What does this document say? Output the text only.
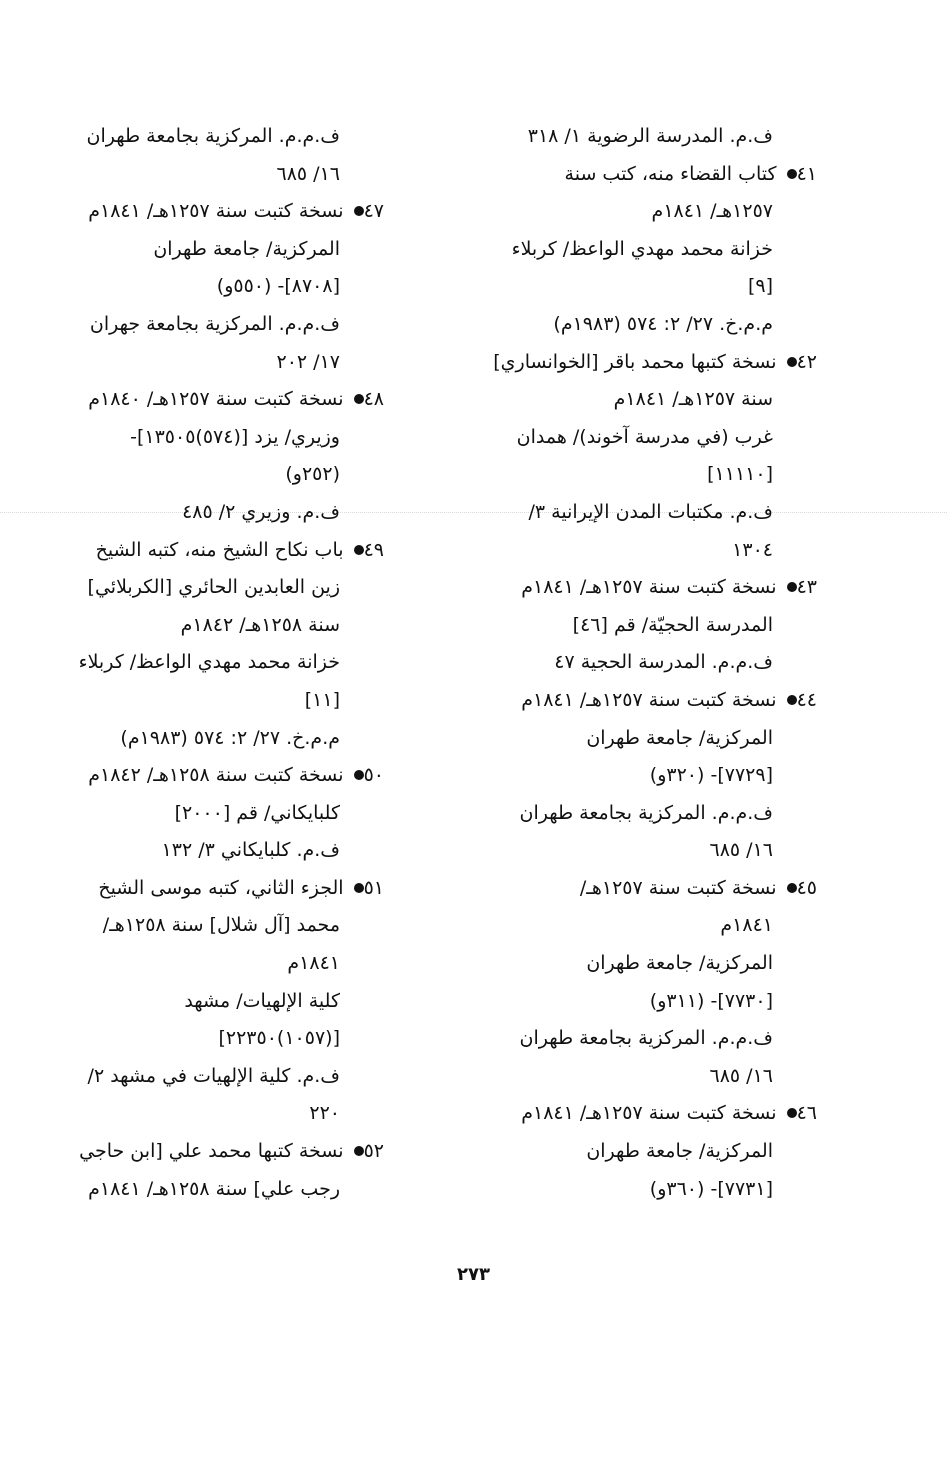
ف.م. المدرسة الرضوية ١/ ٣١٨
٤١ كتاب القضاء منه، كتب سنة
١٢٥٧هـ/ ١٨٤١م
خزانة محمد مهدي الواعظ/ كربلاء
[٩]
م.م.خ. ٢٧/ ٢: ٥٧٤ (١٩٨٣م)
٤٢ نسخة كتبها محمد باقر [الخوانساري]
سنة ١٢٥٧هـ/ ١٨٤١م
غرب (في مدرسة آخوند)/ همدان
[١١١١٠]
ف.م. مكتبات المدن الإيرانية ٣/
١٣٠٤
٤٣ نسخة كتبت سنة ١٢٥٧هـ/ ١٨٤١م
المدرسة الحجيّة/ قم [٤٦]
ف.م.م. المدرسة الحجية ٤٧
٤٤ نسخة كتبت سنة ١٢٥٧هـ/ ١٨٤١م
المركزية/ جامعة طهران
[٧٧٢٩]- (٣٢٠و)
ف.م.م. المركزية بجامعة طهران
١٦/ ٦٨٥
٤٥ نسخة كتبت سنة ١٢٥٧هـ/
١٨٤١م
المركزية/ جامعة طهران
[٧٧٣٠]- (٣١١و)
ف.م.م. المركزية بجامعة طهران
١٦/ ٦٨٥
٤٦ نسخة كتبت سنة ١٢٥٧هـ/ ١٨٤١م
المركزية/ جامعة طهران
[٧٧٣١]- (٣٦٠و)
ف.م.م. المركزية بجامعة طهران
١٦/ ٦٨٥
٤٧ نسخة كتبت سنة ١٢٥٧هـ/ ١٨٤١م
المركزية/ جامعة طهران
[٨٧٠٨]- (٥٥٠و)
ف.م.م. المركزية بجامعة جهران
١٧/ ٢٠٢
٤٨ نسخة كتبت سنة ١٢٥٧هـ/ ١٨٤٠م
وزيري/ يزد [(٥٧٤)١٣٥٠٥]-
(٢٥٢و)
ف.م. وزيري ٢/ ٤٨٥
٤٩ باب نكاح الشيخ منه، كتبه الشيخ
زين العابدين الحائري [الكربلائي]
سنة ١٢٥٨هـ/ ١٨٤٢م
خزانة محمد مهدي الواعظ/ كربلاء
[١١]
م.م.خ. ٢٧/ ٢: ٥٧٤ (١٩٨٣م)
٥٠ نسخة كتبت سنة ١٢٥٨هـ/ ١٨٤٢م
كلبايكاني/ قم [٢٠٠٠]
ف.م. كلبايكاني ٣/ ١٣٢
٥١ الجزء الثاني، كتبه موسى الشيخ
محمد [آل شلال] سنة ١٢٥٨هـ/
١٨٤١م
كلية الإلهيات/ مشهد
[(١٠٥٧)٢٢٣٥٠]
ف.م. كلية الإلهيات في مشهد ٢/
٢٢٠
٥٢ نسخة كتبها محمد علي [ابن حاجي
رجب علي] سنة ١٢٥٨هـ/ ١٨٤١م
٢٧٣
